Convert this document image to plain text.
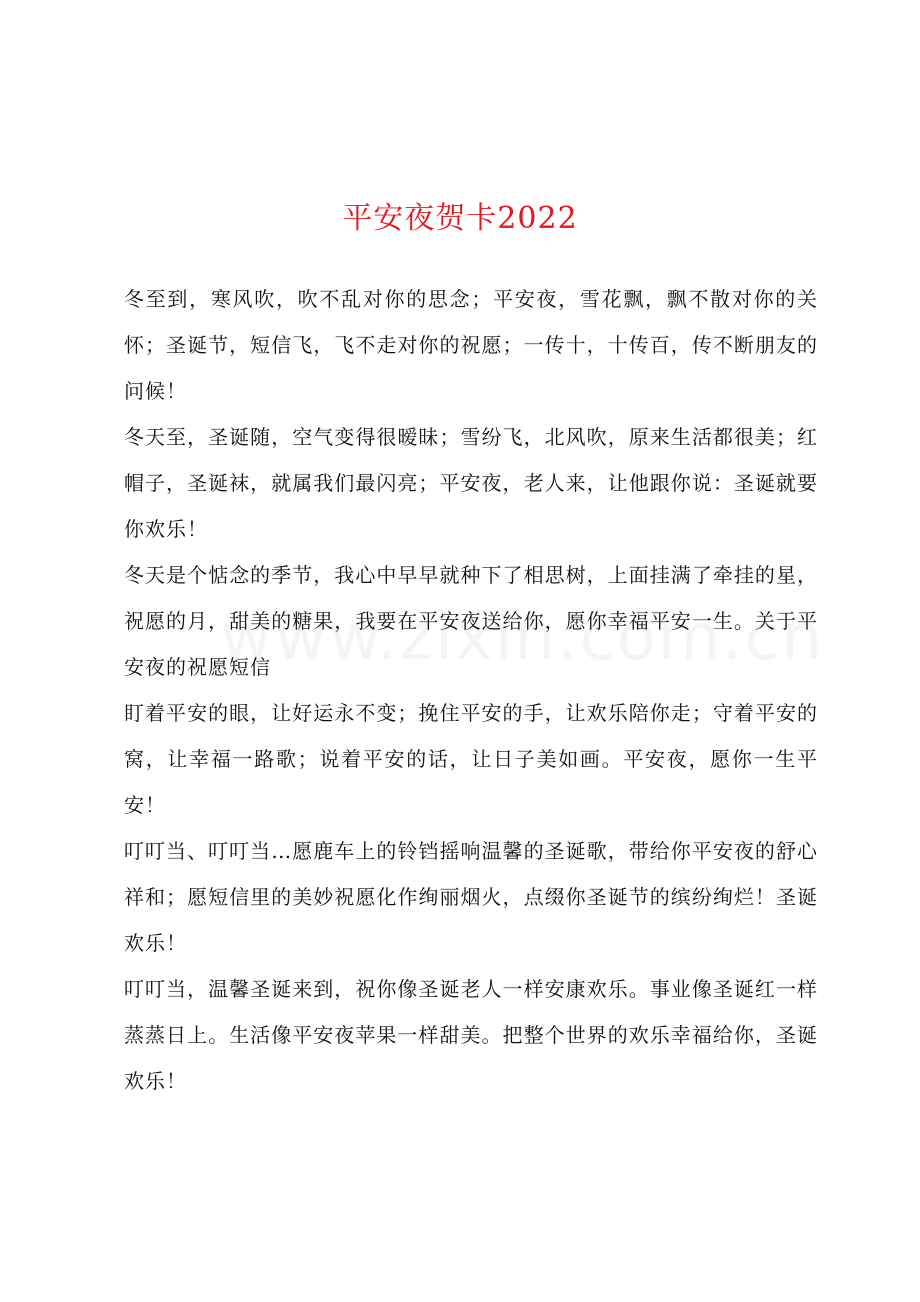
平安夜贺卡2022

冬至到，寒风吹，吹不乱对你的思念；平安夜，雪花飘，飘不散对你的关怀；圣诞节，短信飞，飞不走对你的祝愿；一传十，十传百，传不断朋友的问候！

冬天至，圣诞随，空气变得很暧昧；雪纷飞，北风吹，原来生活都很美；红帽子，圣诞袜，就属我们最闪亮；平安夜，老人来，让他跟你说：圣诞就要你欢乐！

冬天是个惦念的季节，我心中早早就种下了相思树，上面挂满了牵挂的星，祝愿的月，甜美的糖果，我要在平安夜送给你，愿你幸福平安一生。关于平安夜的祝愿短信

盯着平安的眼，让好运永不变；挽住平安的手，让欢乐陪你走；守着平安的窝，让幸福一路歌；说着平安的话，让日子美如画。平安夜，愿你一生平安！

叮叮当、叮叮当…愿鹿车上的铃铛摇响温馨的圣诞歌，带给你平安夜的舒心祥和；愿短信里的美妙祝愿化作绚丽烟火，点缀你圣诞节的缤纷绚烂！圣诞欢乐！

叮叮当，温馨圣诞来到，祝你像圣诞老人一样安康欢乐。事业像圣诞红一样蒸蒸日上。生活像平安夜苹果一样甜美。把整个世界的欢乐幸福给你，圣诞欢乐！
